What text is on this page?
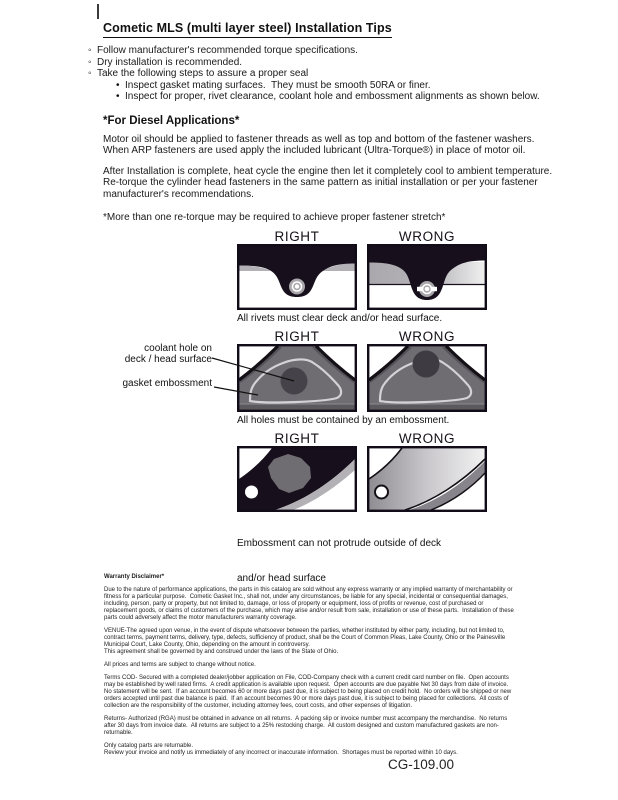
Cometic MLS (multi layer steel) Installation Tips
◦ Follow manufacturer's recommended torque specifications.
◦ Dry installation is recommended.
◦ Take the following steps to assure a proper seal
• Inspect gasket mating surfaces.  They must be smooth 50RA or finer.
• Inspect for proper, rivet clearance, coolant hole and embossment alignments as shown below.
*For Diesel Applications*

Motor oil should be applied to fastener threads as well as top and bottom of the fastener washers. When ARP fasteners are used apply the included lubricant (Ultra-Torque®) in place of motor oil.

After Installation is complete, heat cycle the engine then let it completely cool to ambient temperature. Re-torque the cylinder head fasteners in the same pattern as initial installation or per your fastener manufacturer's recommendations.

*More than one re-torque may be required to achieve proper fastener stretch*

RIGHT	WRONG
All rivets must clear deck and/or head surface.
RIGHT	WRONG
All holes must be contained by an embossment.
coolant hole on
deck / head surface
gasket embossment
RIGHT	WRONG

Embossment can not protrude outside of deck

and/or head surface

Warranty Disclaimer*

Due to the nature of performance applications, the parts in this catalog are sold without any express warranty or any implied warranty of merchantability or fitness for a particular purpose.  Cometic Gasket Inc., shall not, under any circumstances, be liable for any special, incidental or consequential damages, including, person, party or property, but not limited to, damage, or loss of property or equipment, loss of profits or revenue, cost of purchased or replacement goods, or claims of customers of the purchase, which may arise and/or result from sale, installation or use of these parts.  Installation of these parts could adversely affect the motor manufacturers warranty coverage.

VENUE-The agreed upon venue, in the event of dispute whatsoever between the parties, whether instituted by either party, including, but not limited to, contract terms, payment terms, delivery, type, defects, sufficiency of product, shall be the Court of Common Pleas, Lake County, Ohio or the Painesville Municipal Court, Lake County, Ohio, depending on the amount in controversy.

This agreement shall be governed by and construed under the laws of the State of Ohio.

All prices and terms are subject to change without notice.

Terms COD- Secured with a completed dealer/jobber application on File, COD-Company check with a current credit card number on file.  Open accounts may be established by well rated firms.  A credit application is available upon request.  Open accounts are due payable Net 30 days from date of invoice.  No statement will be sent.  If an account becomes 60 or more days past due, it is subject to being placed on credit hold.  No orders will be shipped or new orders accepted until past due balance is paid.  If an account becomes 90 or more days past due, it is subject to being placed for collections.  All costs of collection are the responsibility of the customer, including attorney fees, court costs, and other expenses of litigation.

Returns- Authorized (RGA) must be obtained in advance on all returns.  A packing slip or invoice number must accompany the merchandise.  No returns after 30 days from invoice date.  All returns are subject to a 25% restocking charge.  All custom designed and custom manufactured gaskets are non-returnable.

Only catalog parts are returnable.

Review your invoice and notify us immediately of any incorrect or inaccurate information.  Shortages must be reported within 10 days.

CG-109.00
